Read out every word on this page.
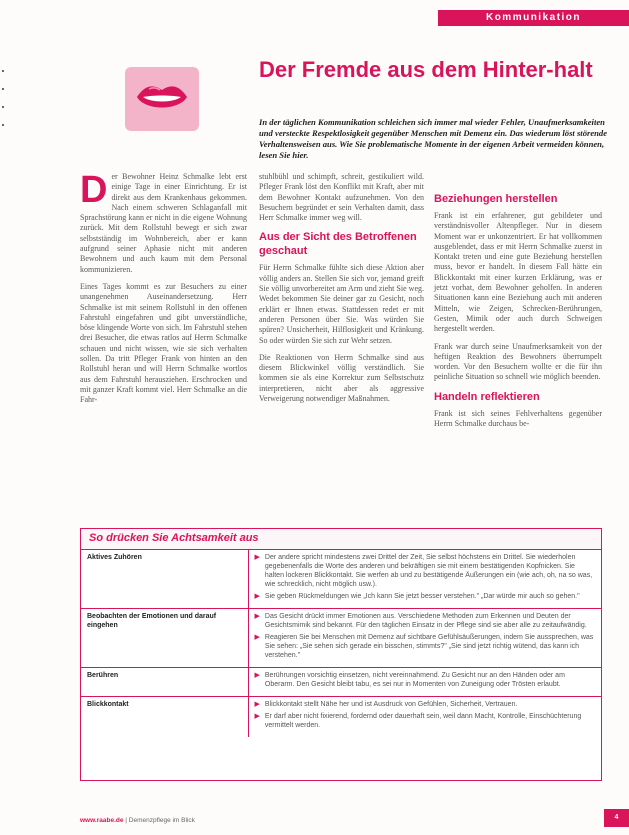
Kommunikation
Der Fremde aus dem Hinter-halt

In der täglichen Kommunikation schleichen sich immer mal wieder Fehler, Unaufmerksamkeiten und versteckte Respektlosigkeit gegenüber Menschen mit Demenz ein. Das wiederum löst störende Verhaltensweisen aus. Wie Sie problematische Momente in der eigenen Arbeit vermeiden können, lesen Sie hier.

D er Bewohner Heinz Schmalke lebt erst einige Tage in einer Einrichtung. Er ist direkt aus dem Krankenhaus gekommen. Nach einem schweren Schlaganfall mit Sprachstörung kann er nicht in die eigene Wohnung zurück. Mit dem Rollstuhl bewegt er sich zwar selbstständig im Wohnbereich, aber er kann aufgrund seiner Aphasie nicht mit anderen Bewohnern und auch kaum mit dem Personal kommunizieren.

Eines Tages kommt es zur Besuchers zu einer unangenehmen Auseinandersetzung. Herr Schmalke ist mit seinem Rollstuhl in den offenen Fahrstuhl eingefahren und gibt unverständliche, böse klingende Worte von sich. Im Fahrstuhl stehen drei Besucher, die etwas ratlos auf Herrn Schmalke schauen und nicht wissen, wie sie sich verhalten sollen. Da tritt Pfleger Frank von hinten an den Rollstuhl heran und will Herrn Schmalke wortlos aus dem Fahrstuhl herausziehen. Erschrocken und mit ganzer Kraft kommt viel. Herr Schmalke an die Fahr-

stuhlbühl und schimpft, schreit, gestikuliert wild. Pfleger Frank löst den Konflikt mit Kraft, aber mit dem Bewohner Kontakt aufzunehmen. Von den Besuchern begründet er sein Verhalten damit, dass Herr Schmalke immer weg will.

Aus der Sicht des Betroffenen geschaut

Für Herrn Schmalke fühlte sich diese Aktion aber völlig anders an. Stellen Sie sich vor, jemand greift Sie völlig unvorbereitet am Arm und zieht Sie weg. Wedet bekommen Sie deiner gar zu Gesicht, noch erklärt er Ihnen etwas. Stattdessen redet er mit anderen Personen über Sie. Was würden Sie spüren? Unsicherheit, Hilflosigkeit und Kränkung. So oder würden Sie sich zur Wehr setzen.

Die Reaktionen von Herrn Schmalke sind aus diesem Blickwinkel völlig verständlich. Sie kommen sie als eine Korrektur zum Selbstschutz interpretieren, nicht aber als aggressive Verweigerung notwendiger Maßnahmen.

Beziehungen herstellen

Frank ist ein erfahrener, gut gebildeter und verständnisvoller Altenpfleger. Nur in diesem Moment war er unkonzentriert. Er hat vollkommen ausgeblendet, dass er mit Herrn Schmalke zuerst in Kontakt treten und eine gute Beziehung herstellen muss, bevor er handelt. In diesem Fall hätte ein Blickkontakt mit einer kurzen Erklärung, was er jetzt vorhat, dem Bewohner geholfen. In anderen Situationen kann eine Beziehung auch mit anderen Mitteln, wie Zeigen, Schrecken-Berührungen, Gesten, Mimik oder auch durch Schweigen hergestellt werden.

Frank war durch seine Unaufmerksamkeit von der heftigen Reaktion des Bewohners überrumpelt worden. Vor den Besuchern wollte er die für ihn peinliche Situation so schnell wie möglich beenden.

Handeln reflektieren

Frank ist sich seines Fehlverhaltens gegenüber Herrn Schmalke durchaus be-

So drücken Sie Achtsamkeit aus
Aktives Zuhören	▶ Der andere spricht mindestens zwei Drittel der Zeit, Sie selbst höchstens ein Drittel. Sie wiederholen gegebenenfalls die Worte des anderen und bekräftigen sie mit einem bestätigenden Kopfnicken. Sie halten lockeren Blickkontakt. Sie werfen ab und zu bestätigende Äußerungen ein (wie ach, oh, na so was, wie schrecklich, nicht möglich usw.).
▶ Sie geben Rückmeldungen wie „Ich kann Sie jetzt besser verstehen." „Dar würde mir auch so gehen."

Beobachten der Emotionen und darauf eingehen	▶ Das Gesicht drückt immer Emotionen aus. Verschiedene Methoden zum Erkennen und Deuten der Gesichtsmimik sind bekannt. Für den täglichen Einsatz in der Pflege sind sie aber alle zu zeitaufwändig.
▶ Reagieren Sie bei Menschen mit Demenz auf sichtbare Gefühlsäußerungen, indem Sie aussprechen, was Sie sehen: „Sie sehen sich gerade ein bisschen, stimmts?" „Sie sind jetzt richtig wütend, das kann ich verstehen."

Berühren	▶ Berührungen vorsichtig einsetzen, nicht vereinnahmend. Zu Gesicht nur an den Händen oder am Oberarm. Den Gesicht bleibt tabu, es sei nur in Momenten von Zuneigung oder Trösten erlaubt.

Blickkontakt	▶ Blickkontakt stellt Nähe her und ist Ausdruck von Gefühlen, Sicherheit, Vertrauen.
▶ Er darf aber nicht fixierend, fordernd oder dauerhaft sein, weil dann Macht, Kontrolle, Einschüchterung vermittelt werden.
www.raabe.de | Demenzpflege im Blick	4
